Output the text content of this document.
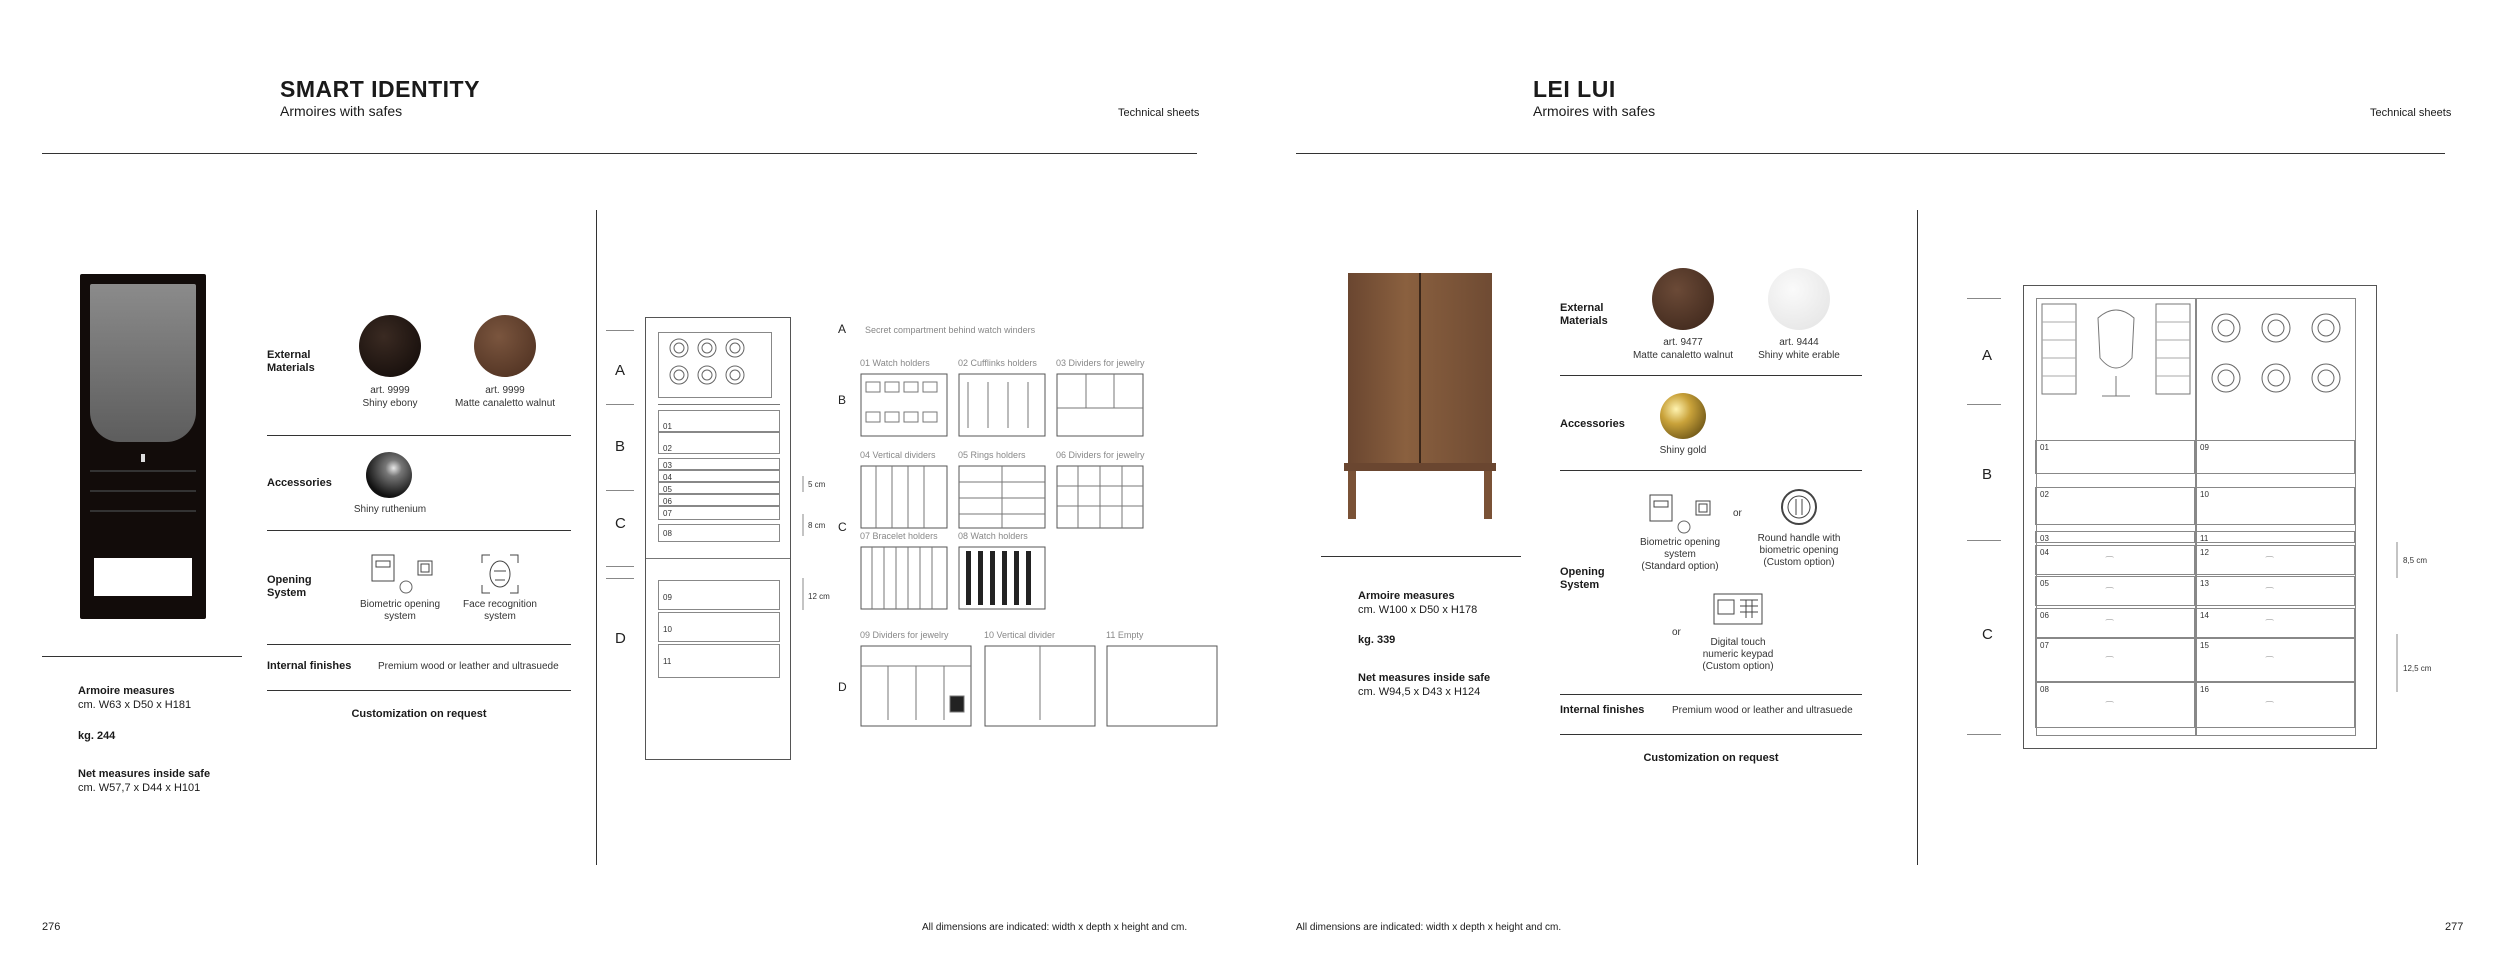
SMART IDENTITY
Armoires with safes	Technical sheets
Armoire measures
cm. W63 x D50 x H181
kg. 244
Net measures inside safe
cm. W57,7 x D44 x H101
External
Materials
art. 9999
Shiny ebony
art. 9999
Matte canaletto walnut
Accessories
Shiny ruthenium
Opening
System
Biometric opening
system
Face recognition
system
Internal finishes	Premium wood or leather and ultrasuede
Customization on request
A
B
C
D
01
02
03
04
05
06
07
08
09
10
11
5 cm
8 cm
12 cm
A Secret compartment behind watch winders
B
C
D
01 Watch holders	02 Cufflinks holders	03 Dividers for jewelry
04 Vertical dividers	05 Rings holders	06 Dividers for jewelry
07 Bracelet holders	08 Watch holders
09 Dividers for jewelry	10 Vertical divider	11 Empty
276	All dimensions are indicated: width x depth x height and cm.
LEI LUI
Armoires with safes	Technical sheets
Armoire measures
cm. W100 x D50 x H178
kg. 339
Net measures inside safe
cm. W94,5 x D43 x H124
External
Materials
art. 9477
Matte canaletto walnut
art. 9444
Shiny white erable
Accessories
Shiny gold
Opening
System
Biometric opening
system
(Standard option)
or
Round handle with
biometric opening
(Custom option)
or
Digital touch
numeric keypad
(Custom option)
Internal finishes	Premium wood or leather and ultrasuede
Customization on request
A
B
C
01
02
03
04
⁀
05
⁀
06
⁀
07
⁀
08
⁀
09
10
11
12
⁀
13
⁀
14
⁀
15
⁀
16
⁀
8,5 cm
12,5 cm
277
All dimensions are indicated: width x depth x height and cm.
